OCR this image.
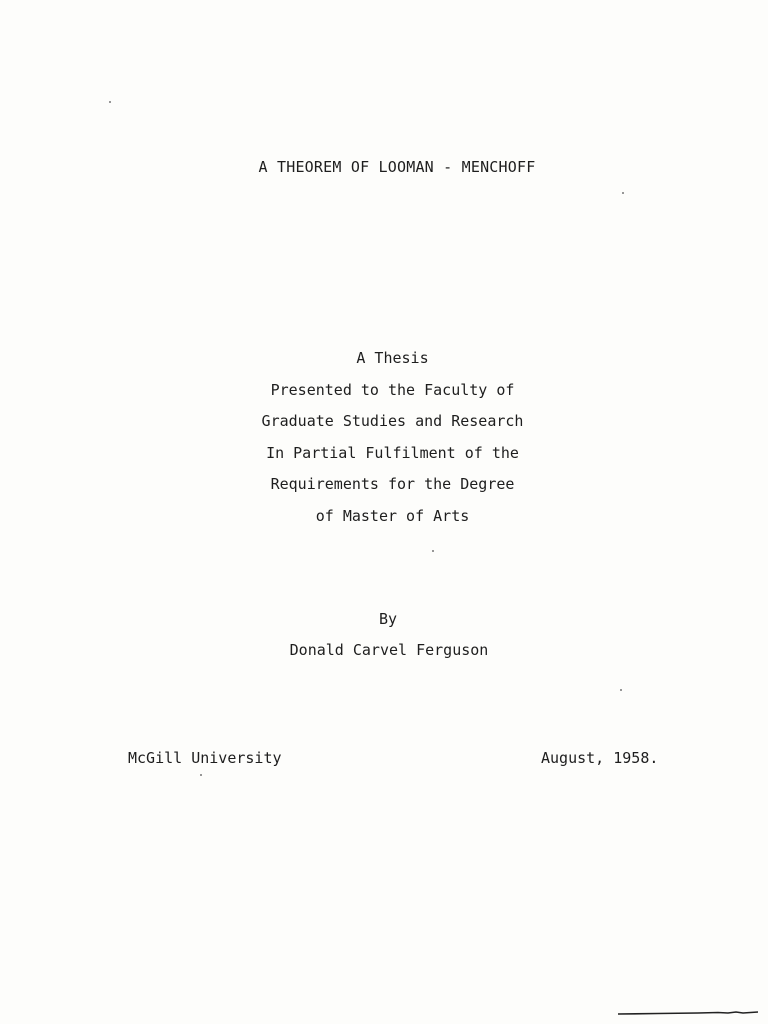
A THEOREM OF LOOMAN - MENCHOFF
A Thesis
Presented to the Faculty of
Graduate Studies and Research
In Partial Fulfilment of the
Requirements for the Degree
of Master of Arts
By
Donald Carvel Ferguson
McGill University	August, 1958.
